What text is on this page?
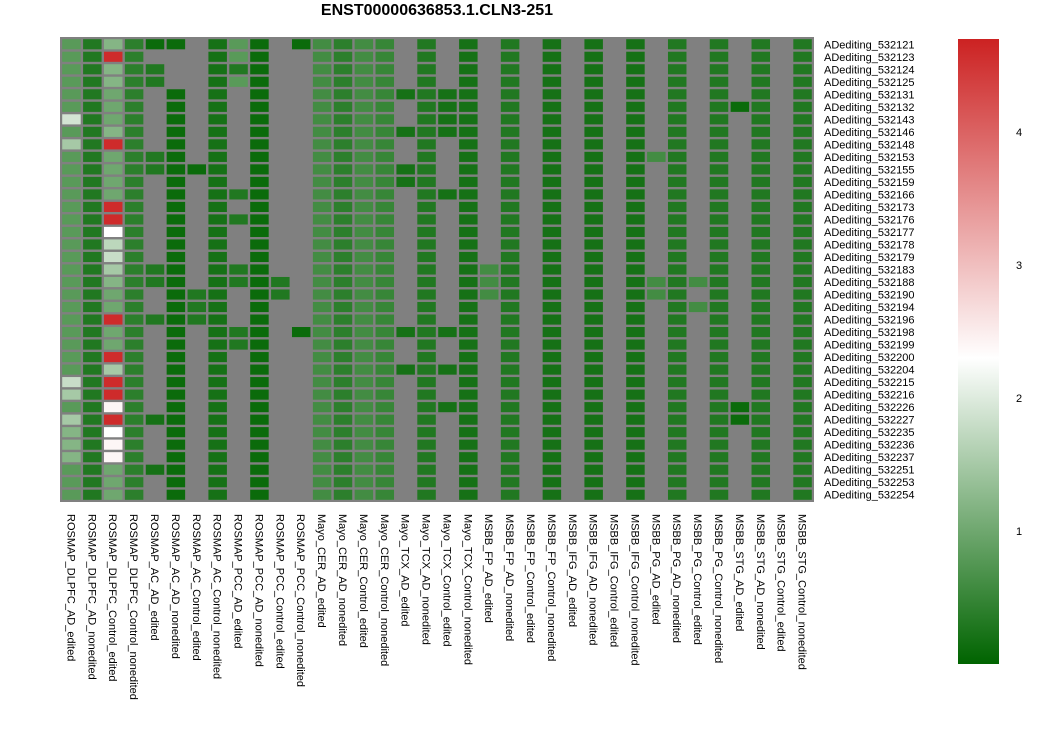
ENST00000636853.1.CLN3-251
ADediting_532121
ADediting_532123
ADediting_532124
ADediting_532125
ADediting_532131
ADediting_532132
ADediting_532143
ADediting_532146
ADediting_532148
ADediting_532153
ADediting_532155
ADediting_532159
ADediting_532166
ADediting_532173
ADediting_532176
ADediting_532177
ADediting_532178
ADediting_532179
ADediting_532183
ADediting_532188
ADediting_532190
ADediting_532194
ADediting_532196
ADediting_532198
ADediting_532199
ADediting_532200
ADediting_532204
ADediting_532215
ADediting_532216
ADediting_532226
ADediting_532227
ADediting_532235
ADediting_532236
ADediting_532237
ADediting_532251
ADediting_532253
ADediting_532254
ROSMAP_DLPFC_AD_edited ROSMAP_DLPFC_AD_nonedited ROSMAP_DLPFC_Control_edited ROSMAP_DLPFC_Control_nonedited ROSMAP_AC_AD_edited ROSMAP_AC_AD_nonedited ROSMAP_AC_Control_edited ROSMAP_AC_Control_nonedited ROSMAP_PCC_AD_edited ROSMAP_PCC_AD_nonedited ROSMAP_PCC_Control_edited ROSMAP_PCC_Control_nonedited Mayo_CER_AD_edited Mayo_CER_AD_nonedited Mayo_CER_Control_edited Mayo_CER_Control_nonedited Mayo_TCX_AD_edited Mayo_TCX_AD_nonedited Mayo_TCX_Control_edited Mayo_TCX_Control_nonedited MSBB_FP_AD_edited MSBB_FP_AD_nonedited MSBB_FP_Control_edited MSBB_FP_Control_nonedited MSBB_IFG_AD_edited MSBB_IFG_AD_nonedited MSBB_IFG_Control_edited MSBB_IFG_Control_nonedited MSBB_PG_AD_edited MSBB_PG_AD_nonedited MSBB_PG_Control_edited MSBB_PG_Control_nonedited MSBB_STG_AD_edited MSBB_STG_AD_nonedited MSBB_STG_Control_edited MSBB_STG_Control_nonedited	1
2
3
4
